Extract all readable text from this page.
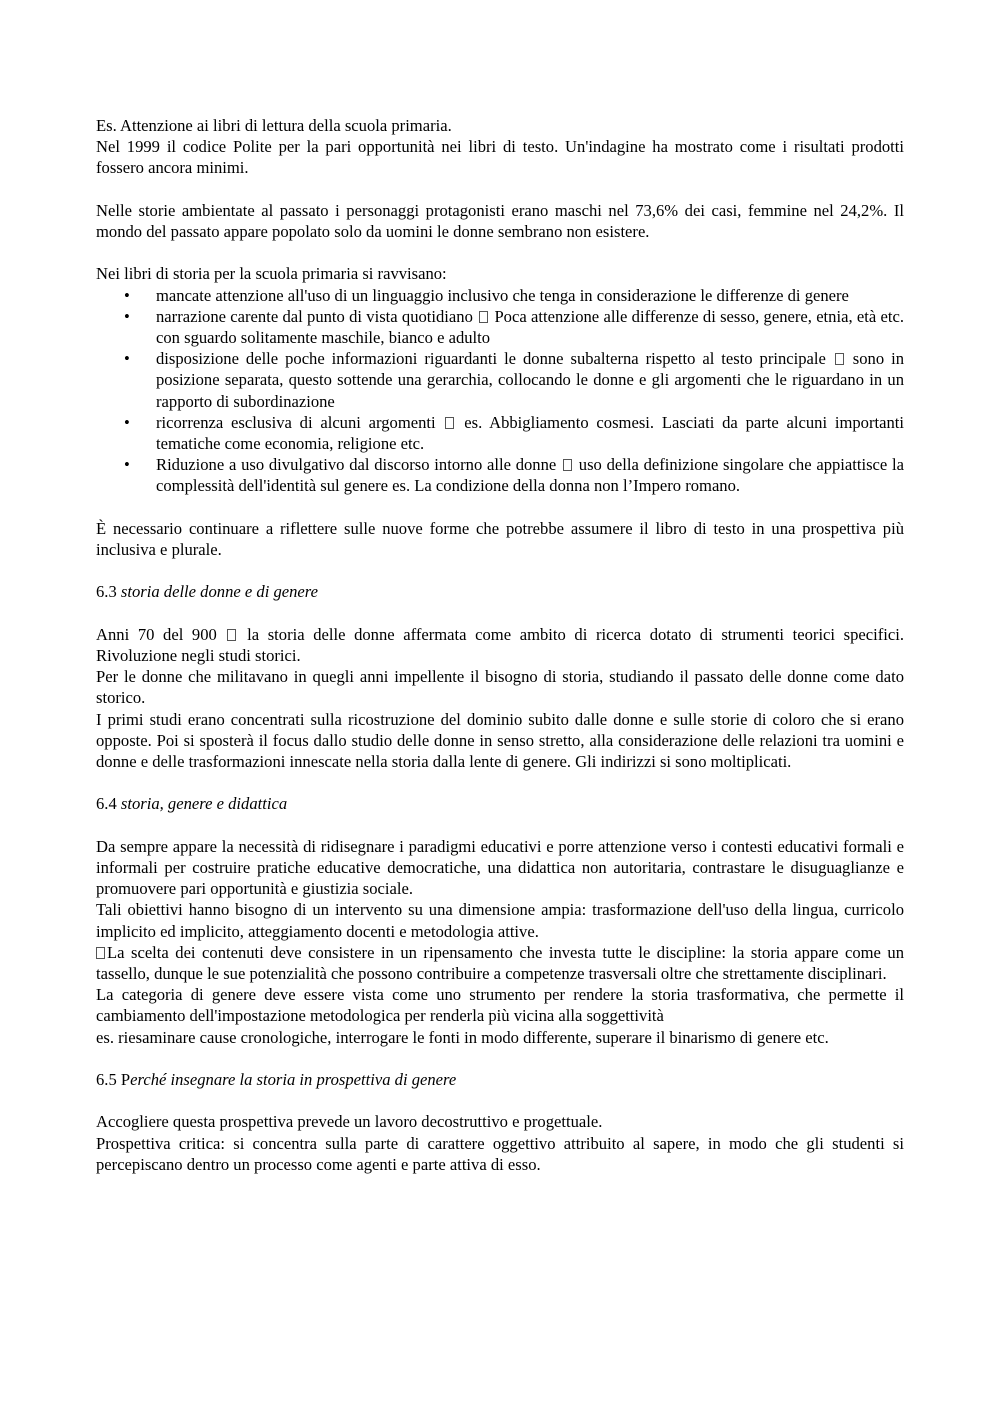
Es. Attenzione ai libri di lettura della scuola primaria.

Nel 1999 il codice Polite per la pari opportunità nei libri di testo. Un'indagine ha mostrato come i risultati prodotti fossero ancora minimi.

Nelle storie ambientate al passato i personaggi protagonisti erano maschi nel 73,6% dei casi, femmine nel 24,2%. Il mondo del passato appare popolato solo da uomini le donne sembrano non esistere.

Nei libri di storia per la scuola primaria si ravvisano:

• mancate attenzione all'uso di un linguaggio inclusivo che tenga in considerazione le differenze di genere
• narrazione carente dal punto di vista quotidiano Poca attenzione alle differenze di sesso, genere, etnia, età etc. con sguardo solitamente maschile, bianco e adulto
• disposizione delle poche informazioni riguardanti le donne subalterna rispetto al testo principale sono in posizione separata, questo sottende una gerarchia, collocando le donne e gli argomenti che le riguardano in un rapporto di subordinazione
• ricorrenza esclusiva di alcuni argomenti es. Abbigliamento cosmesi. Lasciati da parte alcuni importanti tematiche come economia, religione etc.
• Riduzione a uso divulgativo dal discorso intorno alle donne uso della definizione singolare che appiattisce la complessità dell'identità sul genere es. La condizione della donna non l’Impero romano.

È necessario continuare a riflettere sulle nuove forme che potrebbe assumere il libro di testo in una prospettiva più inclusiva e plurale.

6.3 storia delle donne e di genere

Anni 70 del 900 la storia delle donne affermata come ambito di ricerca dotato di strumenti teorici specifici. Rivoluzione negli studi storici.

Per le donne che militavano in quegli anni impellente il bisogno di storia, studiando il passato delle donne come dato storico.

I primi studi erano concentrati sulla ricostruzione del dominio subito dalle donne e sulle storie di coloro che si erano opposte. Poi si sposterà il focus dallo studio delle donne in senso stretto, alla considerazione delle relazioni tra uomini e donne e delle trasformazioni innescate nella storia dalla lente di genere. Gli indirizzi si sono moltiplicati.

6.4 storia, genere e didattica

Da sempre appare la necessità di ridisegnare i paradigmi educativi e porre attenzione verso i contesti educativi formali e informali per costruire pratiche educative democratiche, una didattica non autoritaria, contrastare le disuguaglianze e promuovere pari opportunità e giustizia sociale.

Tali obiettivi hanno bisogno di un intervento su una dimensione ampia: trasformazione dell'uso della lingua, curricolo implicito ed implicito, atteggiamento docenti e metodologia attive.

La scelta dei contenuti deve consistere in un ripensamento che investa tutte le discipline: la storia appare come un tassello, dunque le sue potenzialità che possono contribuire a competenze trasversali oltre che strettamente disciplinari.

La categoria di genere deve essere vista come uno strumento per rendere la storia trasformativa, che permette il cambiamento dell'impostazione metodologica per renderla più vicina alla soggettività

es. riesaminare cause cronologiche, interrogare le fonti in modo differente, superare il binarismo di genere etc.

6.5 Perché insegnare la storia in prospettiva di genere

Accogliere questa prospettiva prevede un lavoro decostruttivo e progettuale.

Prospettiva critica: si concentra sulla parte di carattere oggettivo attribuito al sapere, in modo che gli studenti si percepiscano dentro un processo come agenti e parte attiva di esso.
